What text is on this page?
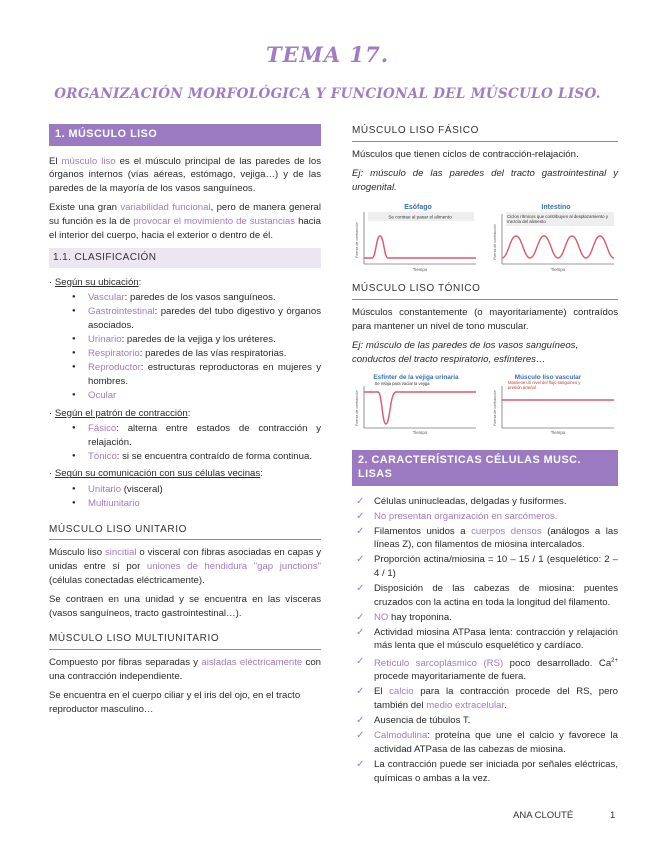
TEMA 17.
ORGANIZACIÓN MORFOLÓGICA Y FUNCIONAL DEL MÚSCULO LISO.
1. MÚSCULO LISO

El músculo liso es el músculo principal de las paredes de los órganos internos (vías aéreas, estómago, vejiga…) y de las paredes de la mayoría de los vasos sanguíneos.

Existe una gran variabilidad funcional, pero de manera general su función es la de provocar el movimiento de sustancias hacia el interior del cuerpo, hacia el exterior o dentro de él.

1.1. CLASIFICACIÓN
· Según su ubicación:
● Vascular: paredes de los vasos sanguíneos.
● Gastrointestinal: paredes del tubo digestivo y órganos asociados.
● Urinario: paredes de la vejiga y los uréteres.
● Respiratorio: paredes de las vías respiratorias.
● Reproductor: estructuras reproductoras en mujeres y hombres.
● Ocular
· Según el patrón de contracción:
● Fásico: alterna entre estados de contracción y relajación.
● Tónico: si se encuentra contraído de forma continua.
· Según su comunicación con sus células vecinas:
● Unitario (visceral)
● Multiunitario
MÚSCULO LISO UNITARIO

Músculo liso sincitial o visceral con fibras asociadas en capas y unidas entre sí por uniones de hendidura "gap junctions" (células conectadas eléctricamente).

Se contraen en una unidad y se encuentra en las vísceras (vasos sanguíneos, tracto gastrointestinal…).

MÚSCULO LISO MULTIUNITARIO

Compuesto por fibras separadas y aisladas eléctricamente con una contracción independiente.

Se encuentra en el cuerpo ciliar y el iris del ojo, en el tracto reproductor masculino…

MÚSCULO LISO FÁSICO

Músculos que tienen ciclos de contracción-relajación.

Ej: músculo de las paredes del tracto gastrointestinal y urogenital.

Esófago
Se contrae al pasar el alimento
Fuerza de contracción
Tiempo
Intestino
Ciclos rítmicos que contribuyen al desplazamiento y mezcla del alimento
Fuerza de contracción
Tiempo
MÚSCULO LISO TÓNICO

Músculos constantemente (o mayoritariamente) contraídos para mantener un nivel de tono muscular.

Ej: músculo de las paredes de los vasos sanguíneos, conductos del tracto respiratorio, esfínteres…

Esfínter de la vejiga urinaria
Se relaja para vaciar la vejiga
Fuerza de contracción
Tiempo
Músculo liso vascular
Mantiene un nivel del flujo sanguíneo y presión arterial
Fuerza de contracción
Tiempo
2. CARACTERÍSTICAS CÉLULAS MUSC. LISAS
✓ Células uninucleadas, delgadas y fusiformes.
✓ No presentan organización en sarcómeros.
✓ Filamentos unidos a cuerpos densos (análogos a las líneas Z), con filamentos de miosina intercalados.
✓ Proporción actina/miosina = 10 – 15 / 1 (esquelético: 2 – 4 / 1)
✓ Disposición de las cabezas de miosina: puentes cruzados con la actina en toda la longitud del filamento.
✓ NO hay troponina.
✓ Actividad miosina ATPasa lenta: contracción y relajación más lenta que el músculo esquelético y cardíaco.
✓ Retículo sarcoplásmico (RS) poco desarrollado. $Ca^{2+}$ procede mayoritariamente de fuera.
✓ El calcio para la contracción procede del RS, pero también del medio extracelular.
✓ Ausencia de túbulos T.
✓ Calmodulina: proteína que une el calcio y favorece la actividad ATPasa de las cabezas de miosina.
✓ La contracción puede ser iniciada por señales eléctricas, químicas o ambas a la vez.
ANA CLOUTÉ	1
